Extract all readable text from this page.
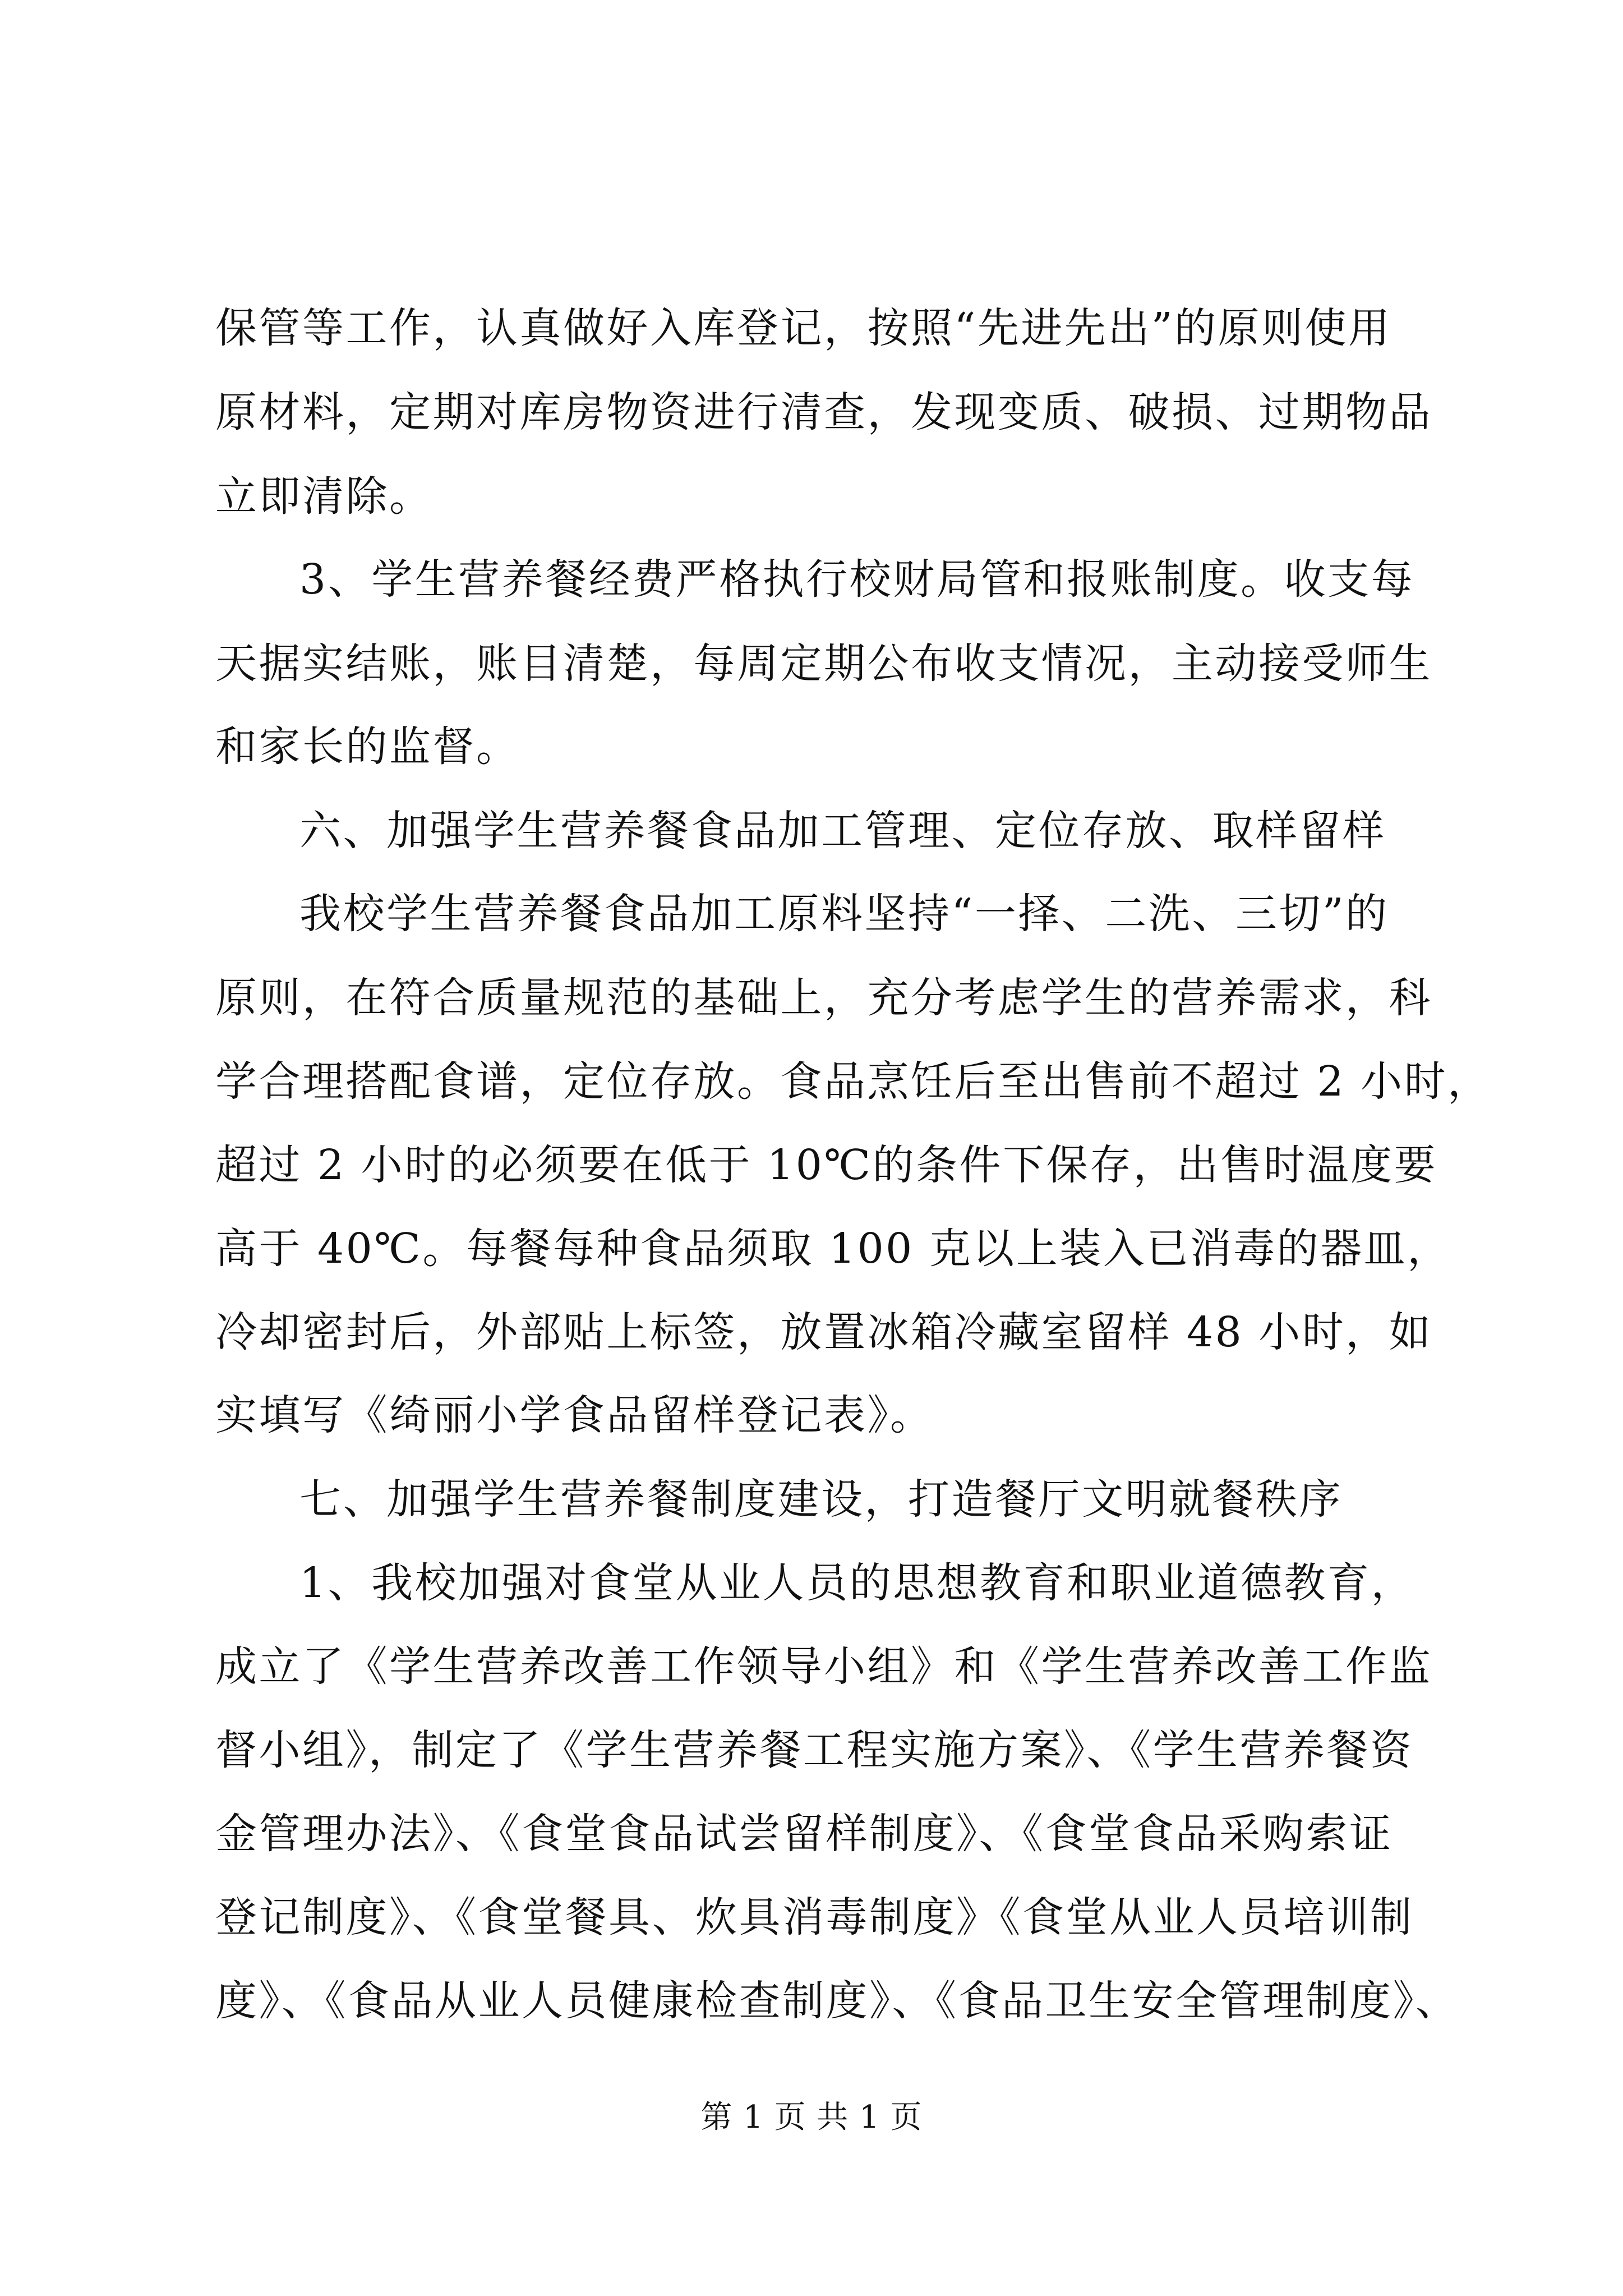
保管等工作，认真做好入库登记，按照“先进先出”的原则使用
原材料，定期对库房物资进行清查，发现变质、破损、过期物品
立即清除。
3、学生营养餐经费严格执行校财局管和报账制度。收支每
天据实结账，账目清楚，每周定期公布收支情况，主动接受师生
和家长的监督。
六、加强学生营养餐食品加工管理、定位存放、取样留样
我校学生营养餐食品加工原料坚持“一择、二洗、三切”的
原则，在符合质量规范的基础上，充分考虑学生的营养需求，科
学合理搭配食谱，定位存放。食品烹饪后至出售前不超过 2 小时，
超过 2 小时的必须要在低于 10℃的条件下保存，出售时温度要
高于 40℃。每餐每种食品须取 100 克以上装入已消毒的器皿，
冷却密封后，外部贴上标签，放置冰箱冷藏室留样 48 小时，如
实填写《绮丽小学食品留样登记表》。
七、加强学生营养餐制度建设，打造餐厅文明就餐秩序
1、我校加强对食堂从业人员的思想教育和职业道德教育，
成立了《学生营养改善工作领导小组》和《学生营养改善工作监
督小组》，制定了《学生营养餐工程实施方案》、《学生营养餐资
金管理办法》、《食堂食品试尝留样制度》、《食堂食品采购索证
登记制度》、《食堂餐具、炊具消毒制度》《食堂从业人员培训制
度》、《食品从业人员健康检查制度》、《食品卫生安全管理制度》、
第 1 页 共 1 页
